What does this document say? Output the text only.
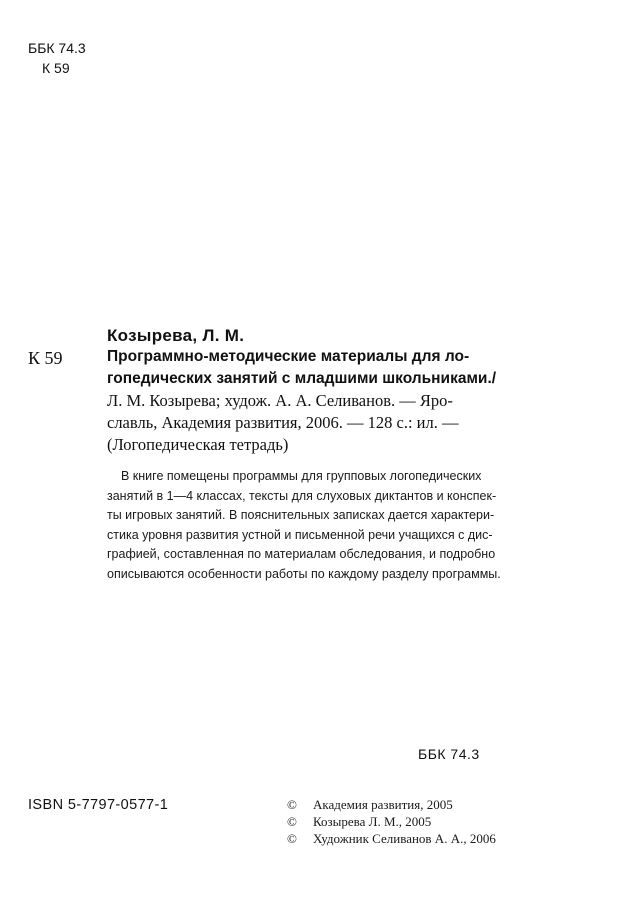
ББК 74.3
К 59
Козырева, Л. М.
К 59	Программно-методические материалы для ло-
гопедических занятий с младшими школьниками./
Л. М. Козырева; худож. А. А. Селиванов. — Яро-
славль, Академия развития, 2006. — 128 с.: ил. —
(Логопедическая тетрадь)
В книге помещены программы для групповых логопедических
занятий в 1—4 классах, тексты для слуховых диктантов и конспек-
ты игровых занятий. В пояснительных записках дается характери-
стика уровня развития устной и письменной речи учащихся с дис-
графией, составленная по материалам обследования, и подробно
описываются особенности работы по каждому разделу программы.
ББК 74.3
ISBN 5-7797-0577-1	© Академия развития, 2005
© Козырева Л. М., 2005
© Художник Селиванов А. А., 2006
